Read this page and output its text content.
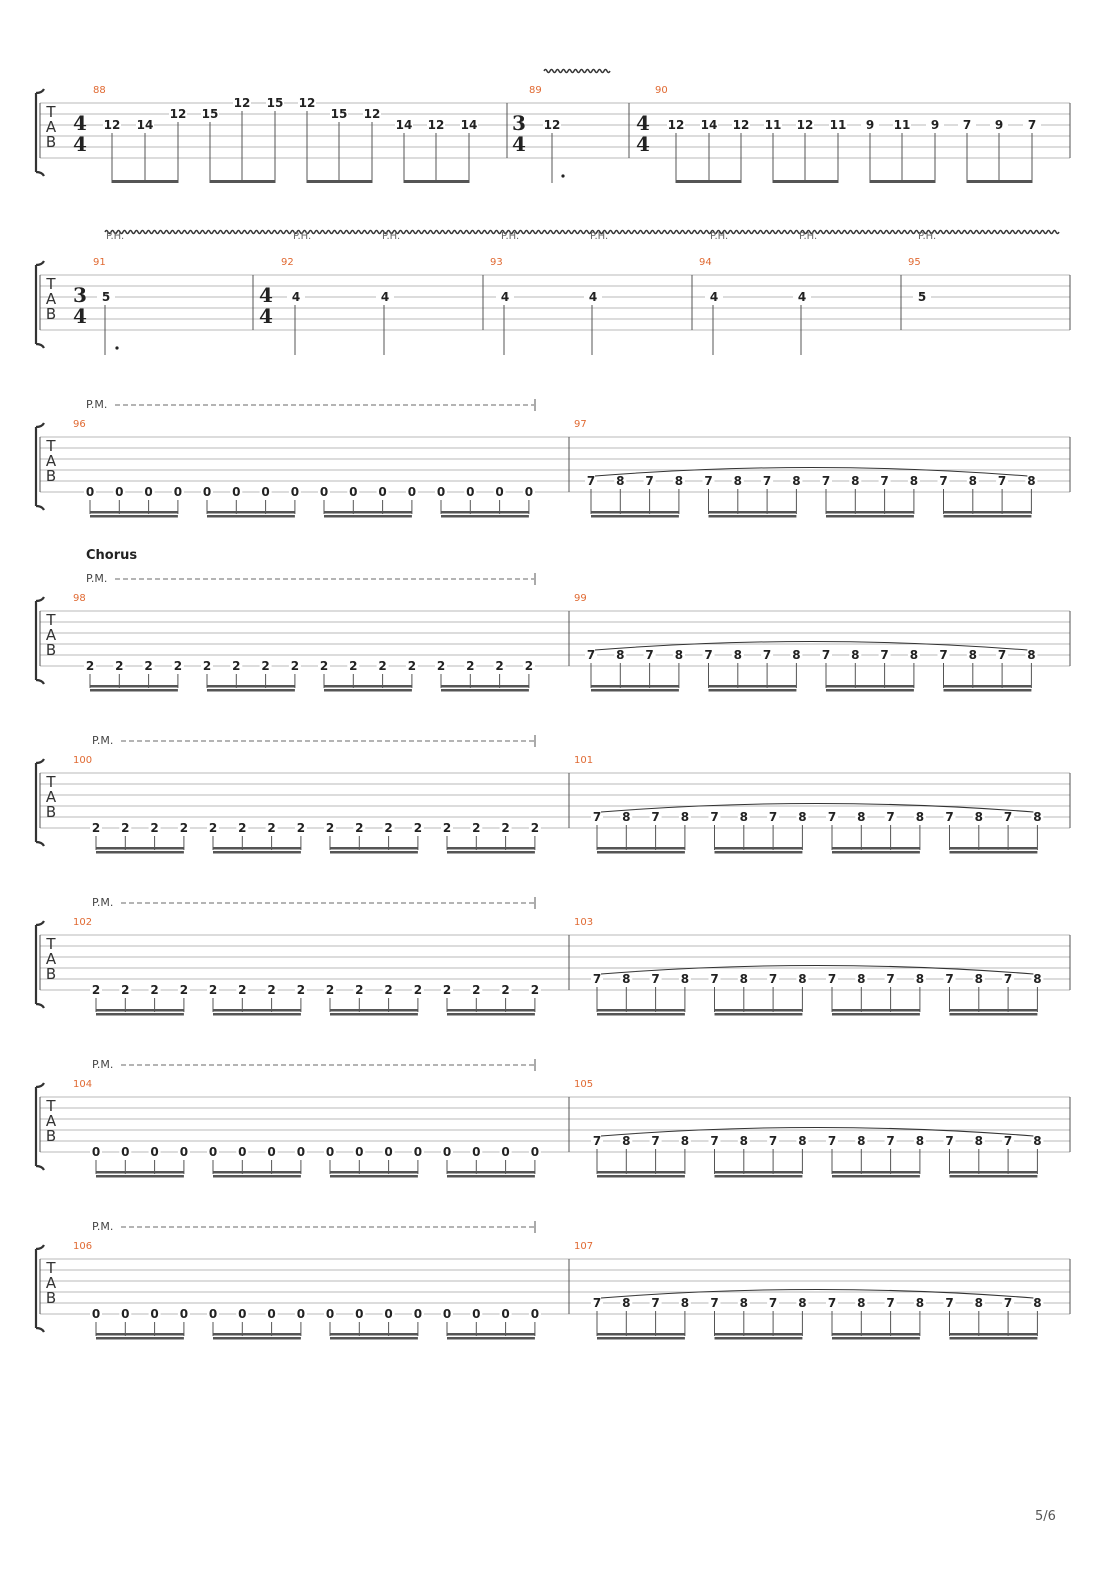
T
A
B
88
4
4
89
3
4
90
4
4
12 14
12 15
12 15 12
15 12
14 12 14	12	12 14 12 11 12 11 9 11 9 7 9 7
T
A
B
91
3
4
92
4
4
93	94	95
5	4	4	4	4	4	4	5
P.H.	P.H.	P.H.	P.H.	P.H.	P.H.	P.H.	P.H.
T
A
B
96	97
0 0 0 0 0 0 0 0 0 0 0 0 0 0 0 0
P.M.
7 8 7 8 7 8 7 8 7 8 7 8 7 8 7 8
T
A
B
Chorus
98	99
2 2 2 2 2 2 2 2 2 2 2 2 2 2 2 2
P.M.
7 8 7 8 7 8 7 8 7 8 7 8 7 8 7 8
T
A
B
100	101
2 2 2 2 2 2 2 2 2 2 2 2 2 2 2 2
P.M.
7 8 7 8 7 8 7 8 7 8 7 8 7 8 7 8
T
A
B
102	103
2 2 2 2 2 2 2 2 2 2 2 2 2 2 2 2
P.M.
7 8 7 8 7 8 7 8 7 8 7 8 7 8 7 8
T
A
B
104	105
0 0 0 0 0 0 0 0 0 0 0 0 0 0 0 0
P.M.
7 8 7 8 7 8 7 8 7 8 7 8 7 8 7 8
T
A
B
106	107
0 0 0 0 0 0 0 0 0 0 0 0 0 0 0 0
P.M.
7 8 7 8 7 8 7 8 7 8 7 8 7 8 7 8
5/6
